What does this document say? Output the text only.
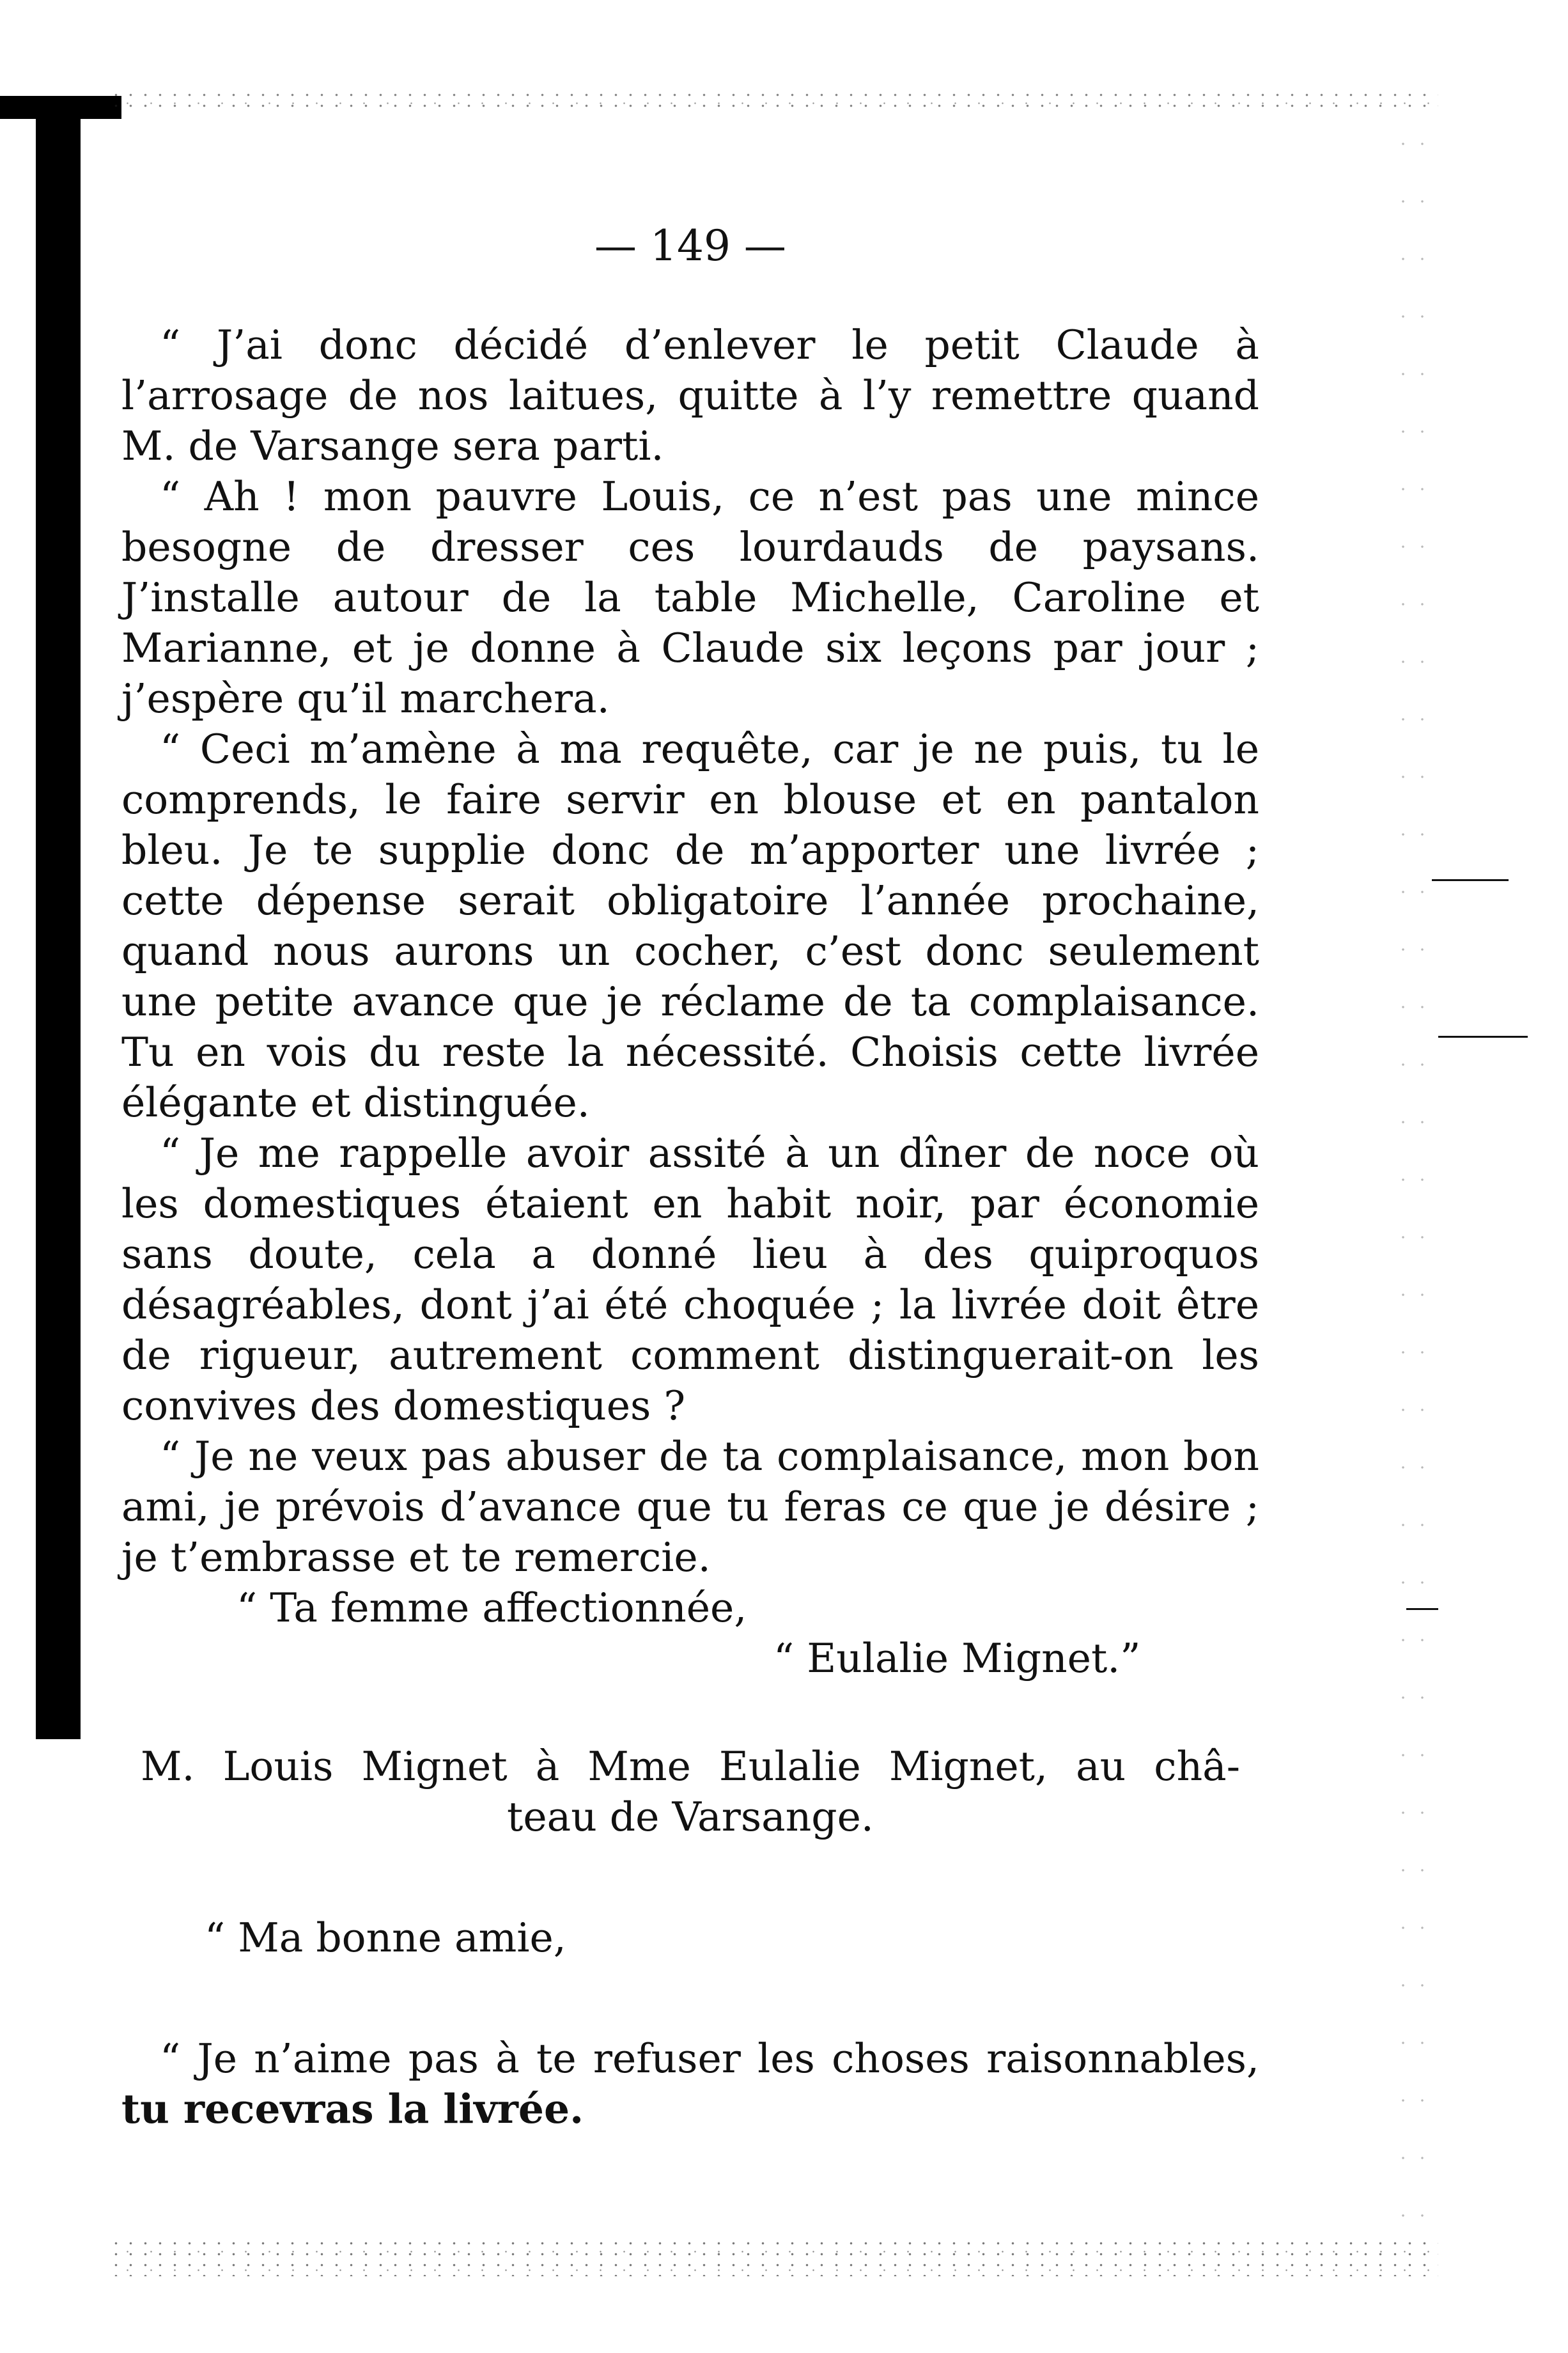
— 149 —

“ J’ai donc décidé d’enlever le petit Claude à l’arrosage de nos laitues, quitte à l’y remettre quand M. de Varsange sera parti.

“ Ah ! mon pauvre Louis, ce n’est pas une mince besogne de dresser ces lourdauds de paysans. J’installe autour de la table Michelle, Caroline et Marianne, et je donne à Claude six leçons par jour ; j’espère qu’il marchera.

“ Ceci m’amène à ma requête, car je ne puis, tu le comprends, le faire servir en blouse et en pantalon bleu. Je te supplie donc de m’apporter une livrée ; cette dépense serait obligatoire l’année prochaine, quand nous aurons un cocher, c’est donc seulement une petite avance que je réclame de ta complaisance. Tu en vois du reste la nécessité. Choisis cette livrée élégante et distinguée.

“ Je me rappelle avoir assité à un dîner de noce où les domestiques étaient en habit noir, par économie sans doute, cela a donné lieu à des quiproquos désagréables, dont j’ai été choquée ; la livrée doit être de rigueur, autrement comment distinguerait-on les convives des domestiques ?

“ Je ne veux pas abuser de ta complaisance, mon bon ami, je prévois d’avance que tu feras ce que je désire ; je t’embrasse et te remercie.

“ Ta femme affectionnée,

“ Eulalie Mignet.”

M. Louis Mignet à Mme Eulalie Mignet, au châ-
teau de Varsange.

“ Ma bonne amie,

“ Je n’aime pas à te refuser les choses raisonnables, tu recevras la livrée.
